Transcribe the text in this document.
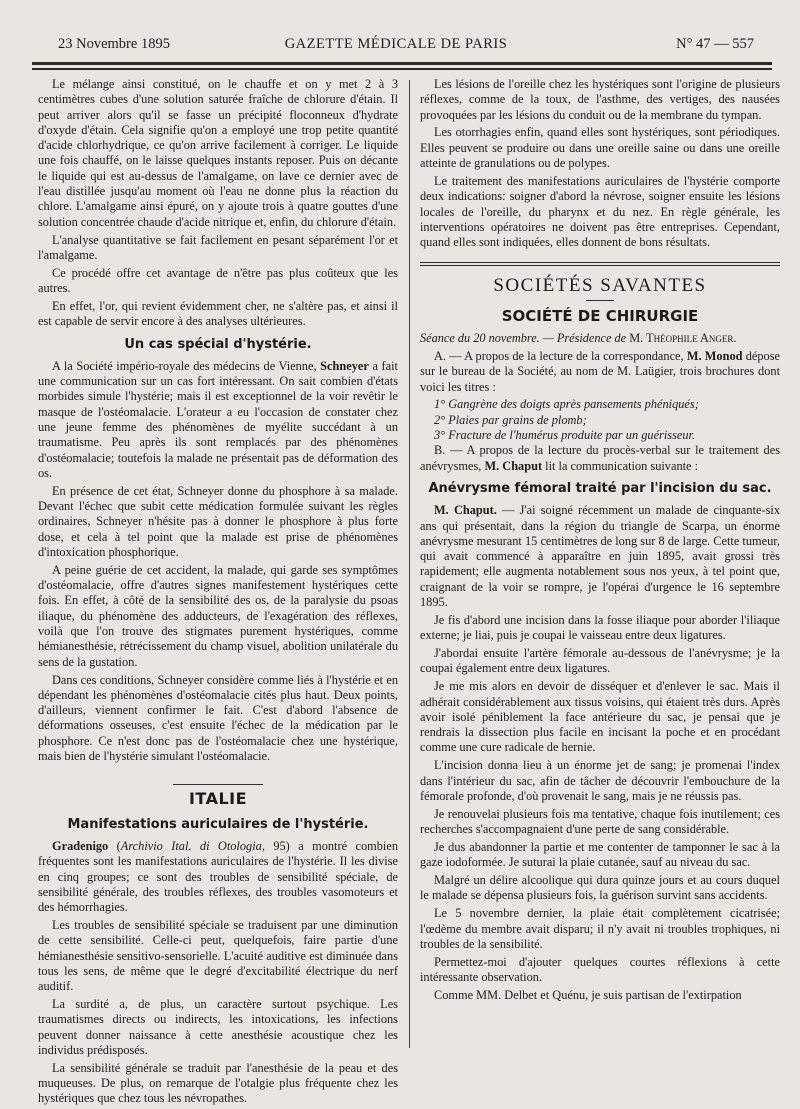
23 Novembre 1895	GAZETTE MÉDICALE DE PARIS	N° 47 — 557

Le mélange ainsi constitué, on le chauffe et on y met 2 à 3 centimètres cubes d'une solution saturée fraîche de chlorure d'étain. Il peut arriver alors qu'il se fasse un précipité floconneux d'hydrate d'oxyde d'étain. Cela signifie qu'on a employé une trop petite quantité d'acide chlorhydrique, ce qu'on arrive facilement à corriger. Le liquide une fois chauffé, on le laisse quelques instants reposer. Puis on décante le liquide qui est au-dessus de l'amalgame, on lave ce dernier avec de l'eau distillée jusqu'au moment où l'eau ne donne plus la réaction du chlore. L'amalgame ainsi épuré, on y ajoute trois à quatre gouttes d'une solution concentrée chaude d'acide nitrique et, enfin, du chlorure d'étain.

L'analyse quantitative se fait facilement en pesant séparément l'or et l'amalgame.

Ce procédé offre cet avantage de n'être pas plus coûteux que les autres.

En effet, l'or, qui revient évidemment cher, ne s'altère pas, et ainsi il est capable de servir encore à des analyses ultérieures.

Un cas spécial d'hystérie.

A la Société império-royale des médecins de Vienne, Schneyer a fait une communication sur un cas fort intéressant. On sait combien d'états morbides simule l'hystérie; mais il est exceptionnel de la voir revêtir le masque de l'ostéomalacie. L'orateur a eu l'occasion de constater chez une jeune femme des phénomènes de myélite succédant à un traumatisme. Peu après ils sont remplacés par des phénomènes d'ostéomalacie; toutefois la malade ne présentait pas de déformation des os.

En présence de cet état, Schneyer donne du phosphore à sa malade. Devant l'échec que subit cette médication formulée suivant les règles ordinaires, Schneyer n'hésite pas à donner le phosphore à plus forte dose, et cela à tel point que la malade est prise de phénomènes d'intoxication phosphorique.

A peine guérie de cet accident, la malade, qui garde ses symptômes d'ostéomalacie, offre d'autres signes manifestement hystériques cette fois. En effet, à côté de la sensibilité des os, de la paralysie du psoas iliaque, du phénomène des adducteurs, de l'exagération des réflexes, voilà que l'on trouve des stigmates purement hystériques, comme hémianesthésie, rétrécissement du champ visuel, abolition unilatérale du sens de la gustation.

Dans ces conditions, Schneyer considère comme liés à l'hystérie et en dépendant les phénomènes d'ostéomalacie cités plus haut. Deux points, d'ailleurs, viennent confirmer le fait. C'est d'abord l'absence de déformations osseuses, c'est ensuite l'échec de la médication par le phosphore. Ce n'est donc pas de l'ostéomalacie chez une hystérique, mais bien de l'hystérie simulant l'ostéomalacie.

ITALIE
Manifestations auriculaires de l'hystérie.

Gradenigo (Archivio Ital. di Otologia, 95) a montré combien fréquentes sont les manifestations auriculaires de l'hystérie. Il les divise en cinq groupes; ce sont des troubles de sensibilité spéciale, de sensibilité générale, des troubles réflexes, des troubles vasomoteurs et des hémorrhagies.

Les troubles de sensibilité spéciale se traduisent par une diminution de cette sensibilité. Celle-ci peut, quelquefois, faire partie d'une hémianesthésie sensitivo-sensorielle. L'acuité auditive est diminuée dans tous les sens, de même que le degré d'excitabilité électrique du nerf auditif.

La surdité a, de plus, un caractère surtout psychique. Les traumatismes directs ou indirects, les intoxications, les infections peuvent donner naissance à cette anesthésie acoustique chez les individus prédisposés.

La sensibilité générale se traduit par l'anesthésie de la peau et des muqueuses. De plus, on remarque de l'otalgie plus fréquente chez les hystériques que chez tous les névropathes.

Les lésions de l'oreille chez les hystériques sont l'origine de plusieurs réflexes, comme de la toux, de l'asthme, des vertiges, des nausées provoquées par les lésions du conduit ou de la membrane du tympan.

Les otorrhagies enfin, quand elles sont hystériques, sont périodiques. Elles peuvent se produire ou dans une oreille saine ou dans une oreille atteinte de granulations ou de polypes.

Le traitement des manifestations auriculaires de l'hystérie comporte deux indications: soigner d'abord la névrose, soigner ensuite les lésions locales de l'oreille, du pharynx et du nez. En règle générale, les interventions opératoires ne doivent pas être entreprises. Cependant, quand elles sont indiquées, elles donnent de bons résultats.

SOCIÉTÉS SAVANTES
SOCIÉTÉ DE CHIRURGIE

Séance du 20 novembre. — Présidence de M. Théophile Anger.

A. — A propos de la lecture de la correspondance, M. Monod dépose sur le bureau de la Société, au nom de M. Laügier, trois brochures dont voici les titres :

1° Gangrène des doigts après pansements phéniqués;

2° Plaies par grains de plomb;

3° Fracture de l'humérus produite par un guérisseur.

B. — A propos de la lecture du procès-verbal sur le traitement des anévrysmes, M. Chaput lit la communication suivante :

Anévrysme fémoral traité par l'incision du sac.

M. Chaput. — J'ai soigné récemment un malade de cinquante-six ans qui présentait, dans la région du triangle de Scarpa, un énorme anévrysme mesurant 15 centimètres de long sur 8 de large. Cette tumeur, qui avait commencé à apparaître en juin 1895, avait grossi très rapidement; elle augmenta notablement sous nos yeux, à tel point que, craignant de la voir se rompre, je l'opérai d'urgence le 16 septembre 1895.

Je fis d'abord une incision dans la fosse iliaque pour aborder l'iliaque externe; je liai, puis je coupai le vaisseau entre deux ligatures.

J'abordai ensuite l'artère fémorale au-dessous de l'anévrysme; je la coupai également entre deux ligatures.

Je me mis alors en devoir de disséquer et d'enlever le sac. Mais il adhérait considérablement aux tissus voisins, qui étaient très durs. Après avoir isolé péniblement la face antérieure du sac, je pensai que je rendrais la dissection plus facile en incisant la poche et en procédant comme une cure radicale de hernie.

L'incision donna lieu à un énorme jet de sang; je promenai l'index dans l'intérieur du sac, afin de tâcher de découvrir l'embouchure de la fémorale profonde, d'où provenait le sang, mais je ne réussis pas.

Je renouvelai plusieurs fois ma tentative, chaque fois inutilement; ces recherches s'accompagnaient d'une perte de sang considérable.

Je dus abandonner la partie et me contenter de tamponner le sac à la gaze iodoformée. Je suturai la plaie cutanée, sauf au niveau du sac.

Malgré un délire alcoolique qui dura quinze jours et au cours duquel le malade se dépensa plusieurs fois, la guérison survint sans accidents.

Le 5 novembre dernier, la plaie était complètement cicatrisée; l'œdème du membre avait disparu; il n'y avait ni troubles trophiques, ni troubles de la sensibilité.

Permettez-moi d'ajouter quelques courtes réflexions à cette intéressante observation.

Comme MM. Delbet et Quénu, je suis partisan de l'extirpation
